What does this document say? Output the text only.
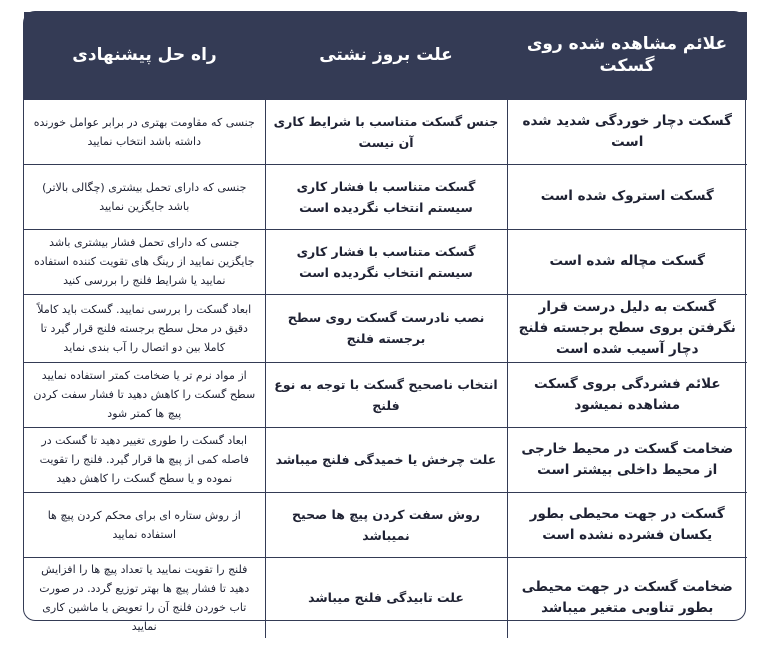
علائم مشاهده شده روی گسکت	علت بروز نشتی	راه حل پیشنهادی
گسکت دچار خوردگی شدید شده است	جنس گسکت متناسب با شرایط کاری آن نیست	جنسی که مقاومت بهتری در برابر عوامل خورنده داشته باشد انتخاب نمایید
گسکت استروک شده است	گسکت متناسب با فشار کاری سیستم انتخاب نگردیده است	جنسی که دارای تحمل بیشتری (چگالی بالاتر) باشد جایگزین نمایید
گسکت مچاله شده است	گسکت متناسب با فشار کاری سیستم انتخاب نگردیده است	جنسی که دارای تحمل فشار بیشتری باشد جایگزین نمایید از رینگ های تقویت کننده استفاده نمایید یا شرایط فلنج را بررسی کنید
گسکت به دلیل درست قرار نگرفتن بروی سطح برجسته فلنج دچار آسیب شده است	نصب نادرست گسکت روی سطح برجسته فلنج	ابعاد گسکت را بررسی نمایید. گسکت باید کاملاً دقیق در محل سطح برجسته فلنج قرار گیرد تا کاملا بین دو اتصال را آب بندی نماید
علائم فشردگی بروی گسکت مشاهده نمیشود	انتخاب ناصحیح گسکت با توجه به نوع فلنج	از مواد نرم تر یا ضخامت کمتر استفاده نمایید سطح گسکت را کاهش دهید تا فشار سفت کردن پیچ ها کمتر شود
ضخامت گسکت در محیط خارجی از محیط داخلی بیشتر است	علت چرخش یا خمیدگی فلنج میباشد	ابعاد گسکت را طوری تغییر دهید تا گسکت در فاصله کمی از پیچ ها قرار گیرد. فلنج را تقویت نموده و یا سطح گسکت را کاهش دهید
گسکت در جهت محیطی بطور یکسان فشرده نشده است	روش سفت کردن پیچ ها صحیح نمیباشد	از روش ستاره ای برای محکم کردن پیچ ها استفاده نمایید
ضخامت گسکت در جهت محیطی بطور تناوبی متغیر میباشد	علت تابیدگی فلنج میباشد	فلنج را تقویت نمایید یا تعداد پیچ ها را افزایش دهید تا فشار پیچ ها بهتر توزیع گردد. در صورت تاب خوردن فلنج آن را تعویض یا ماشین کاری نمایید
